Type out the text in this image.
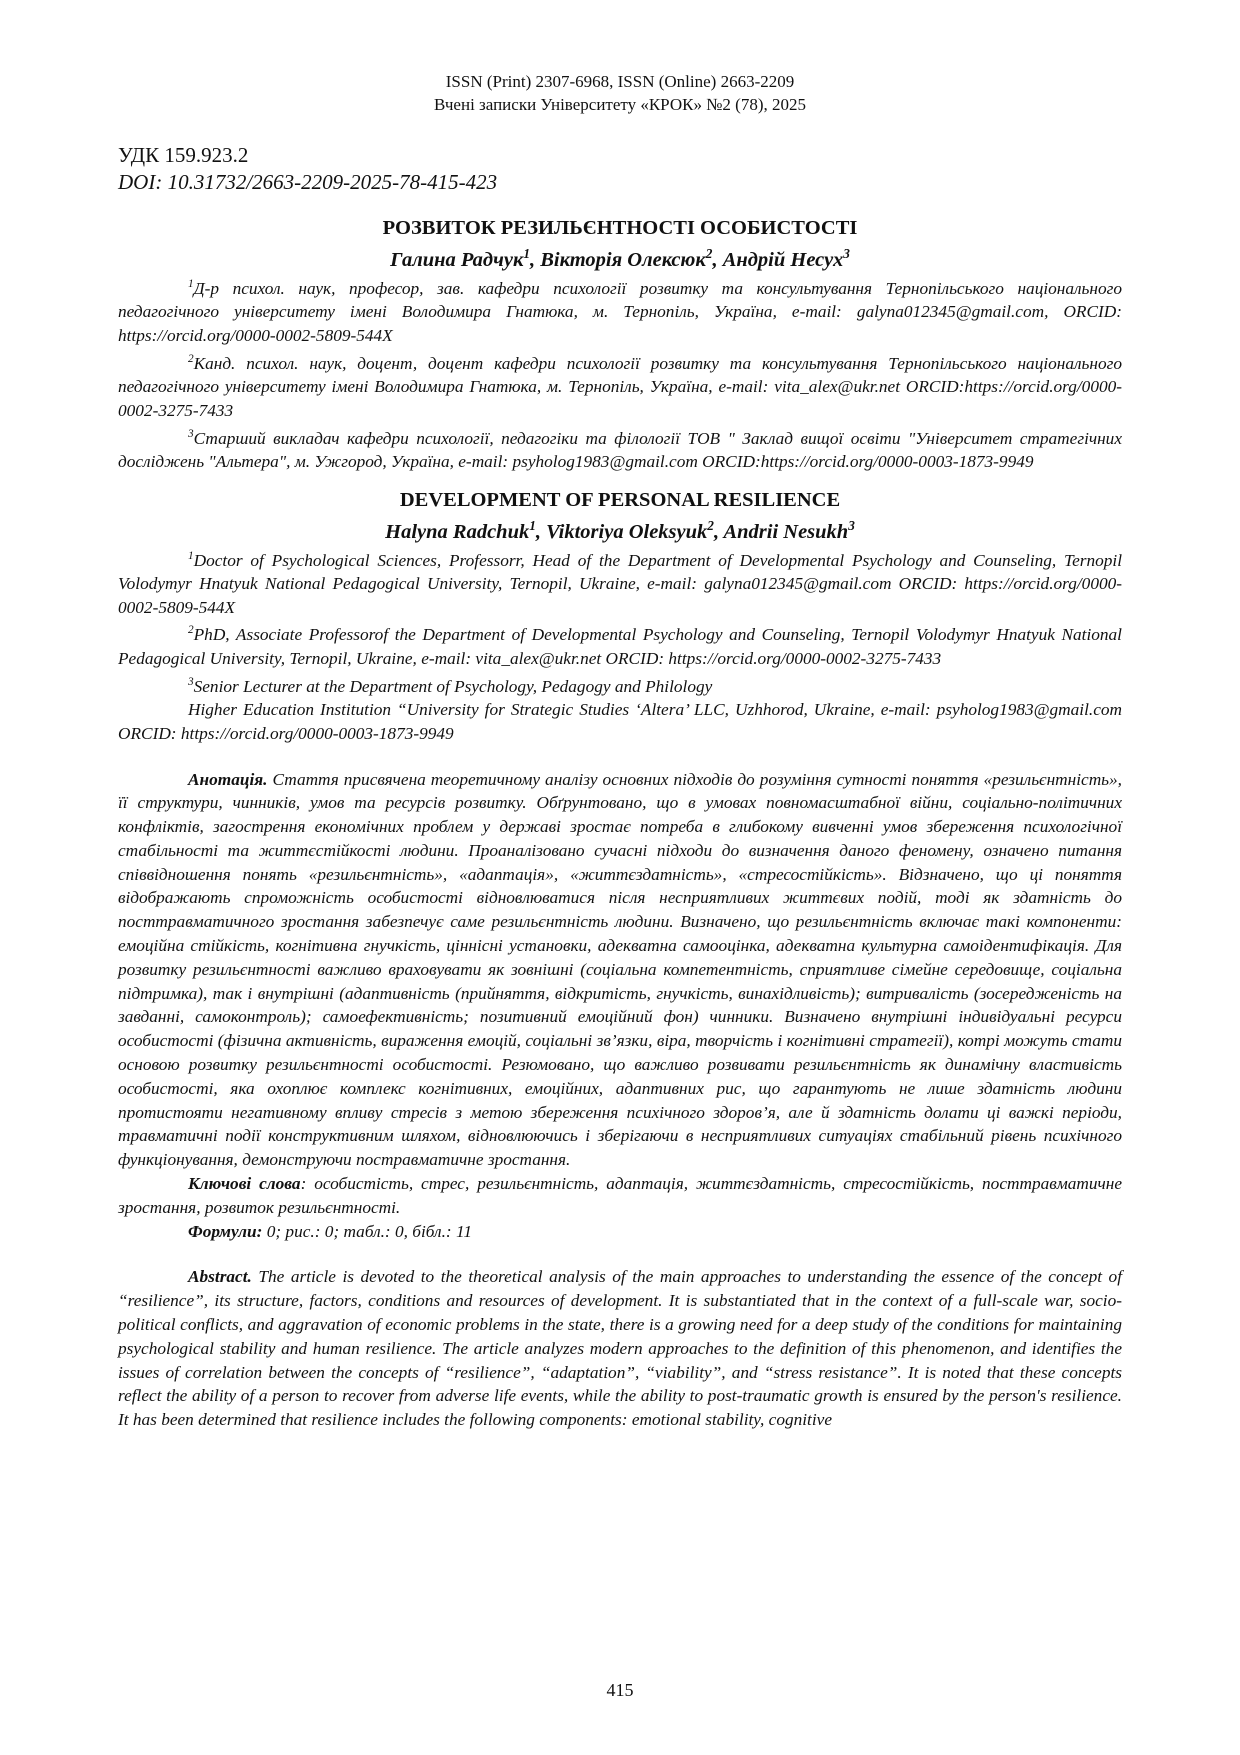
ISSN (Print) 2307-6968, ISSN (Online) 2663-2209
Вчені записки Університету «КРОК» №2 (78), 2025
УДК 159.923.2
DOI: 10.31732/2663-2209-2025-78-415-423
РОЗВИТОК РЕЗИЛЬЄНТНОСТІ ОСОБИСТОСТІ
Галина Радчук$^1$, Вікторія Олексюк$^2$, Андрій Несух$^3$

$^1$Д-р психол. наук, професор, зав. кафедри психології розвитку та консультування Тернопільського національного педагогічного університету імені Володимира Гнатюка, м. Тернопіль, Україна, e-mail: galyna012345@gmail.com, ORCID: https://orcid.org/0000-0002-5809-544X

$^2$Канд. психол. наук, доцент, доцент кафедри психології розвитку та консультування Тернопільського національного педагогічного університету імені Володимира Гнатюка, м. Тернопіль, Україна, e-mail: vita_alex@ukr.net ORCID:https://orcid.org/0000-0002-3275-7433

$^3$Старший викладач кафедри психології, педагогіки та філології ТОВ " Заклад вищої освіти "Університет стратегічних досліджень "Альтера", м. Ужгород, Україна, e-mail: psyholog1983@gmail.com ORCID:https://orcid.org/0000-0003-1873-9949

DEVELOPMENT OF PERSONAL RESILIENCE
Halyna Radchuk$^1$, Viktoriya Oleksyuk$^2$, Andrii Nesukh$^3$

$^1$Doctor of Psychological Sciences, Professorr, Head of the Department of Developmental Psychology and Counseling, Ternopil Volodymyr Hnatyuk National Pedagogical University, Ternopil, Ukraine, e-mail: galyna012345@gmail.com ORCID: https://orcid.org/0000-0002-5809-544X

$^2$PhD, Associate Professorof the Department of Developmental Psychology and Counseling, Ternopil Volodymyr Hnatyuk National Pedagogical University, Ternopil, Ukraine, e-mail: vita_alex@ukr.net ORCID: https://orcid.org/0000-0002-3275-7433

$^3$Senior Lecturer at the Department of Psychology, Pedagogy and Philology

Higher Education Institution “University for Strategic Studies ‘Altera’ LLC, Uzhhorod, Ukraine, e-mail: psyholog1983@gmail.com ORCID: https://orcid.org/0000-0003-1873-9949

Анотація. Стаття присвячена теоретичному аналізу основних підходів до розуміння сутності поняття «резильєнтність», її структури, чинників, умов та ресурсів розвитку. Обґрунтовано, що в умовах повномасштабної війни, соціально-політичних конфліктів, загострення економічних проблем у державі зростає потреба в глибокому вивченні умов збереження психологічної стабільності та життєстійкості людини. Проаналізовано сучасні підходи до визначення даного феномену, означено питання співвідношення понять «резильєнтність», «адаптація», «життєздатність», «стресостійкість». Відзначено, що ці поняття відображають спроможність особистості відновлюватися після несприятливих життєвих подій, тоді як здатність до посттравматичного зростання забезпечує саме резильєнтність людини. Визначено, що резильєнтність включає такі компоненти: емоційна стійкість, когнітивна гнучкість, ціннісні установки, адекватна самооцінка, адекватна культурна самоідентифікація. Для розвитку резильєнтності важливо враховувати як зовнішні (соціальна компетентність, сприятливе сімейне середовище, соціальна підтримка), так і внутрішні (адаптивність (прийняття, відкритість, гнучкість, винахідливість); витривалість (зосередженість на завданні, самоконтроль); самоефективність; позитивний емоційний фон) чинники. Визначено внутрішні індивідуальні ресурси особистості (фізична активність, вираження емоцій, соціальні зв’язки, віра, творчість і когнітивні стратегії), котрі можуть стати основою розвитку резильєнтності особистості. Резюмовано, що важливо розвивати резильєнтність як динамічну властивість особистості, яка охоплює комплекс когнітивних, емоційних, адаптивних рис, що гарантують не лише здатність людини протистояти негативному впливу стресів з метою збереження психічного здоров’я, але й здатність долати ці важкі періоди, травматичні події конструктивним шляхом, відновлюючись і зберігаючи в несприятливих ситуаціях стабільний рівень психічного функціонування, демонструючи постравматичне зростання.

Ключові слова: особистість, стрес, резильєнтність, адаптація, життєздатність, стресостійкість, посттравматичне зростання, розвиток резильєнтності.

Формули: 0; рис.: 0; табл.: 0, бібл.: 11

Abstract. The article is devoted to the theoretical analysis of the main approaches to understanding the essence of the concept of “resilience”, its structure, factors, conditions and resources of development. It is substantiated that in the context of a full-scale war, socio-political conflicts, and aggravation of economic problems in the state, there is a growing need for a deep study of the conditions for maintaining psychological stability and human resilience. The article analyzes modern approaches to the definition of this phenomenon, and identifies the issues of correlation between the concepts of “resilience”, “adaptation”, “viability”, and “stress resistance”. It is noted that these concepts reflect the ability of a person to recover from adverse life events, while the ability to post-traumatic growth is ensured by the person's resilience. It has been determined that resilience includes the following components: emotional stability, cognitive

415
